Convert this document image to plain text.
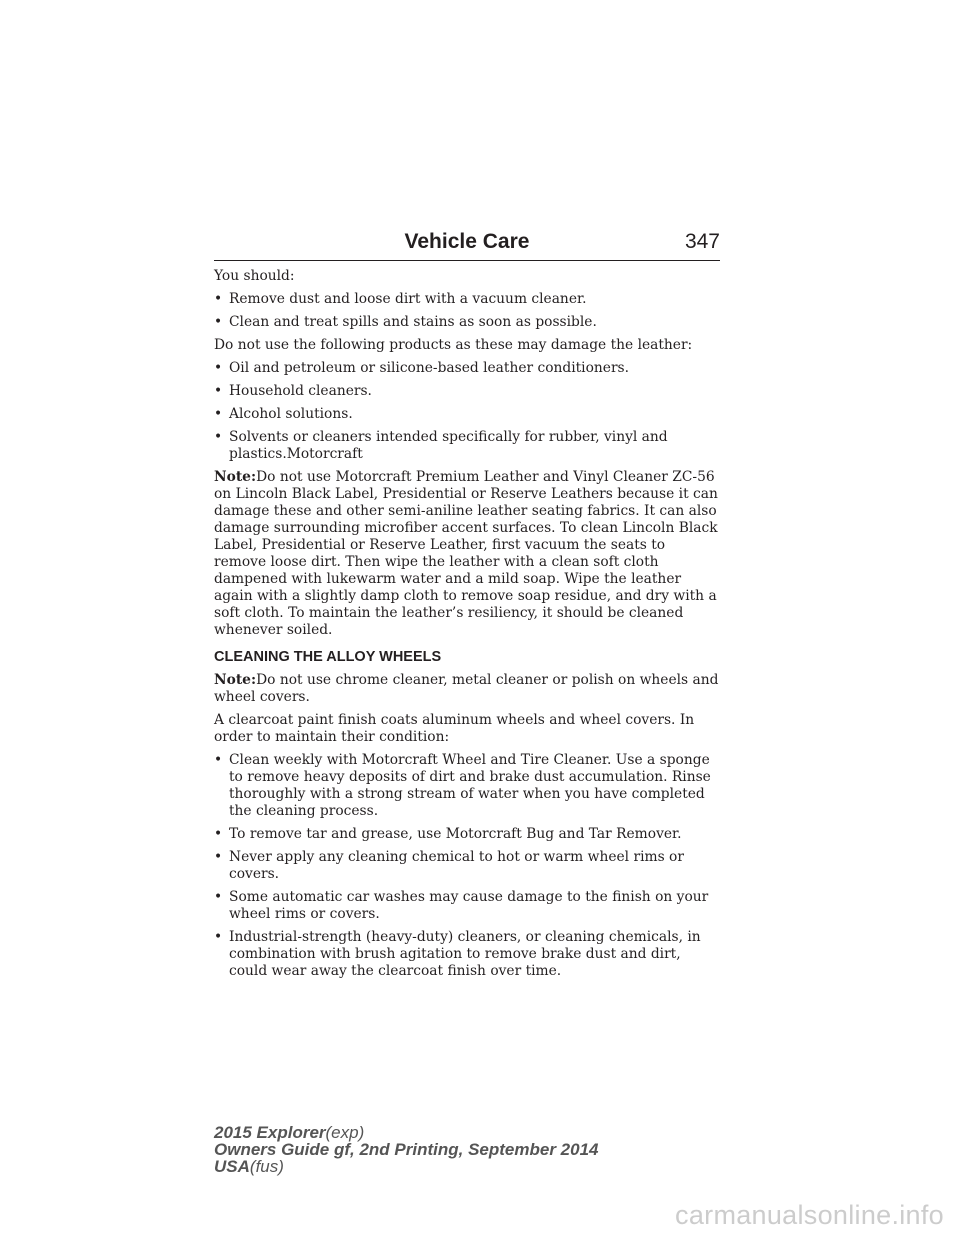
Vehicle Care	347

You should:

• Remove dust and loose dirt with a vacuum cleaner.
• Clean and treat spills and stains as soon as possible.

Do not use the following products as these may damage the leather:

• Oil and petroleum or silicone-based leather conditioners.
• Household cleaners.
• Alcohol solutions.
• Solvents or cleaners intended specifically for rubber, vinyl and plastics.Motorcraft

Note:Do not use Motorcraft Premium Leather and Vinyl Cleaner ZC-56 on Lincoln Black Label, Presidential or Reserve Leathers because it can damage these and other semi-aniline leather seating fabrics. It can also damage surrounding microfiber accent surfaces. To clean Lincoln Black Label, Presidential or Reserve Leather, first vacuum the seats to remove loose dirt. Then wipe the leather with a clean soft cloth dampened with lukewarm water and a mild soap. Wipe the leather again with a slightly damp cloth to remove soap residue, and dry with a soft cloth. To maintain the leather’s resiliency, it should be cleaned whenever soiled.

CLEANING THE ALLOY WHEELS

Note:Do not use chrome cleaner, metal cleaner or polish on wheels and wheel covers.

A clearcoat paint finish coats aluminum wheels and wheel covers. In order to maintain their condition:

• Clean weekly with Motorcraft Wheel and Tire Cleaner. Use a sponge to remove heavy deposits of dirt and brake dust accumulation. Rinse thoroughly with a strong stream of water when you have completed the cleaning process.
• To remove tar and grease, use Motorcraft Bug and Tar Remover.
• Never apply any cleaning chemical to hot or warm wheel rims or covers.
• Some automatic car washes may cause damage to the finish on your wheel rims or covers.
• Industrial-strength (heavy-duty) cleaners, or cleaning chemicals, in combination with brush agitation to remove brake dust and dirt, could wear away the clearcoat finish over time.
2015 Explorer(exp)
Owners Guide gf, 2nd Printing, September 2014
USA(fus)
carmanualsonline.info
